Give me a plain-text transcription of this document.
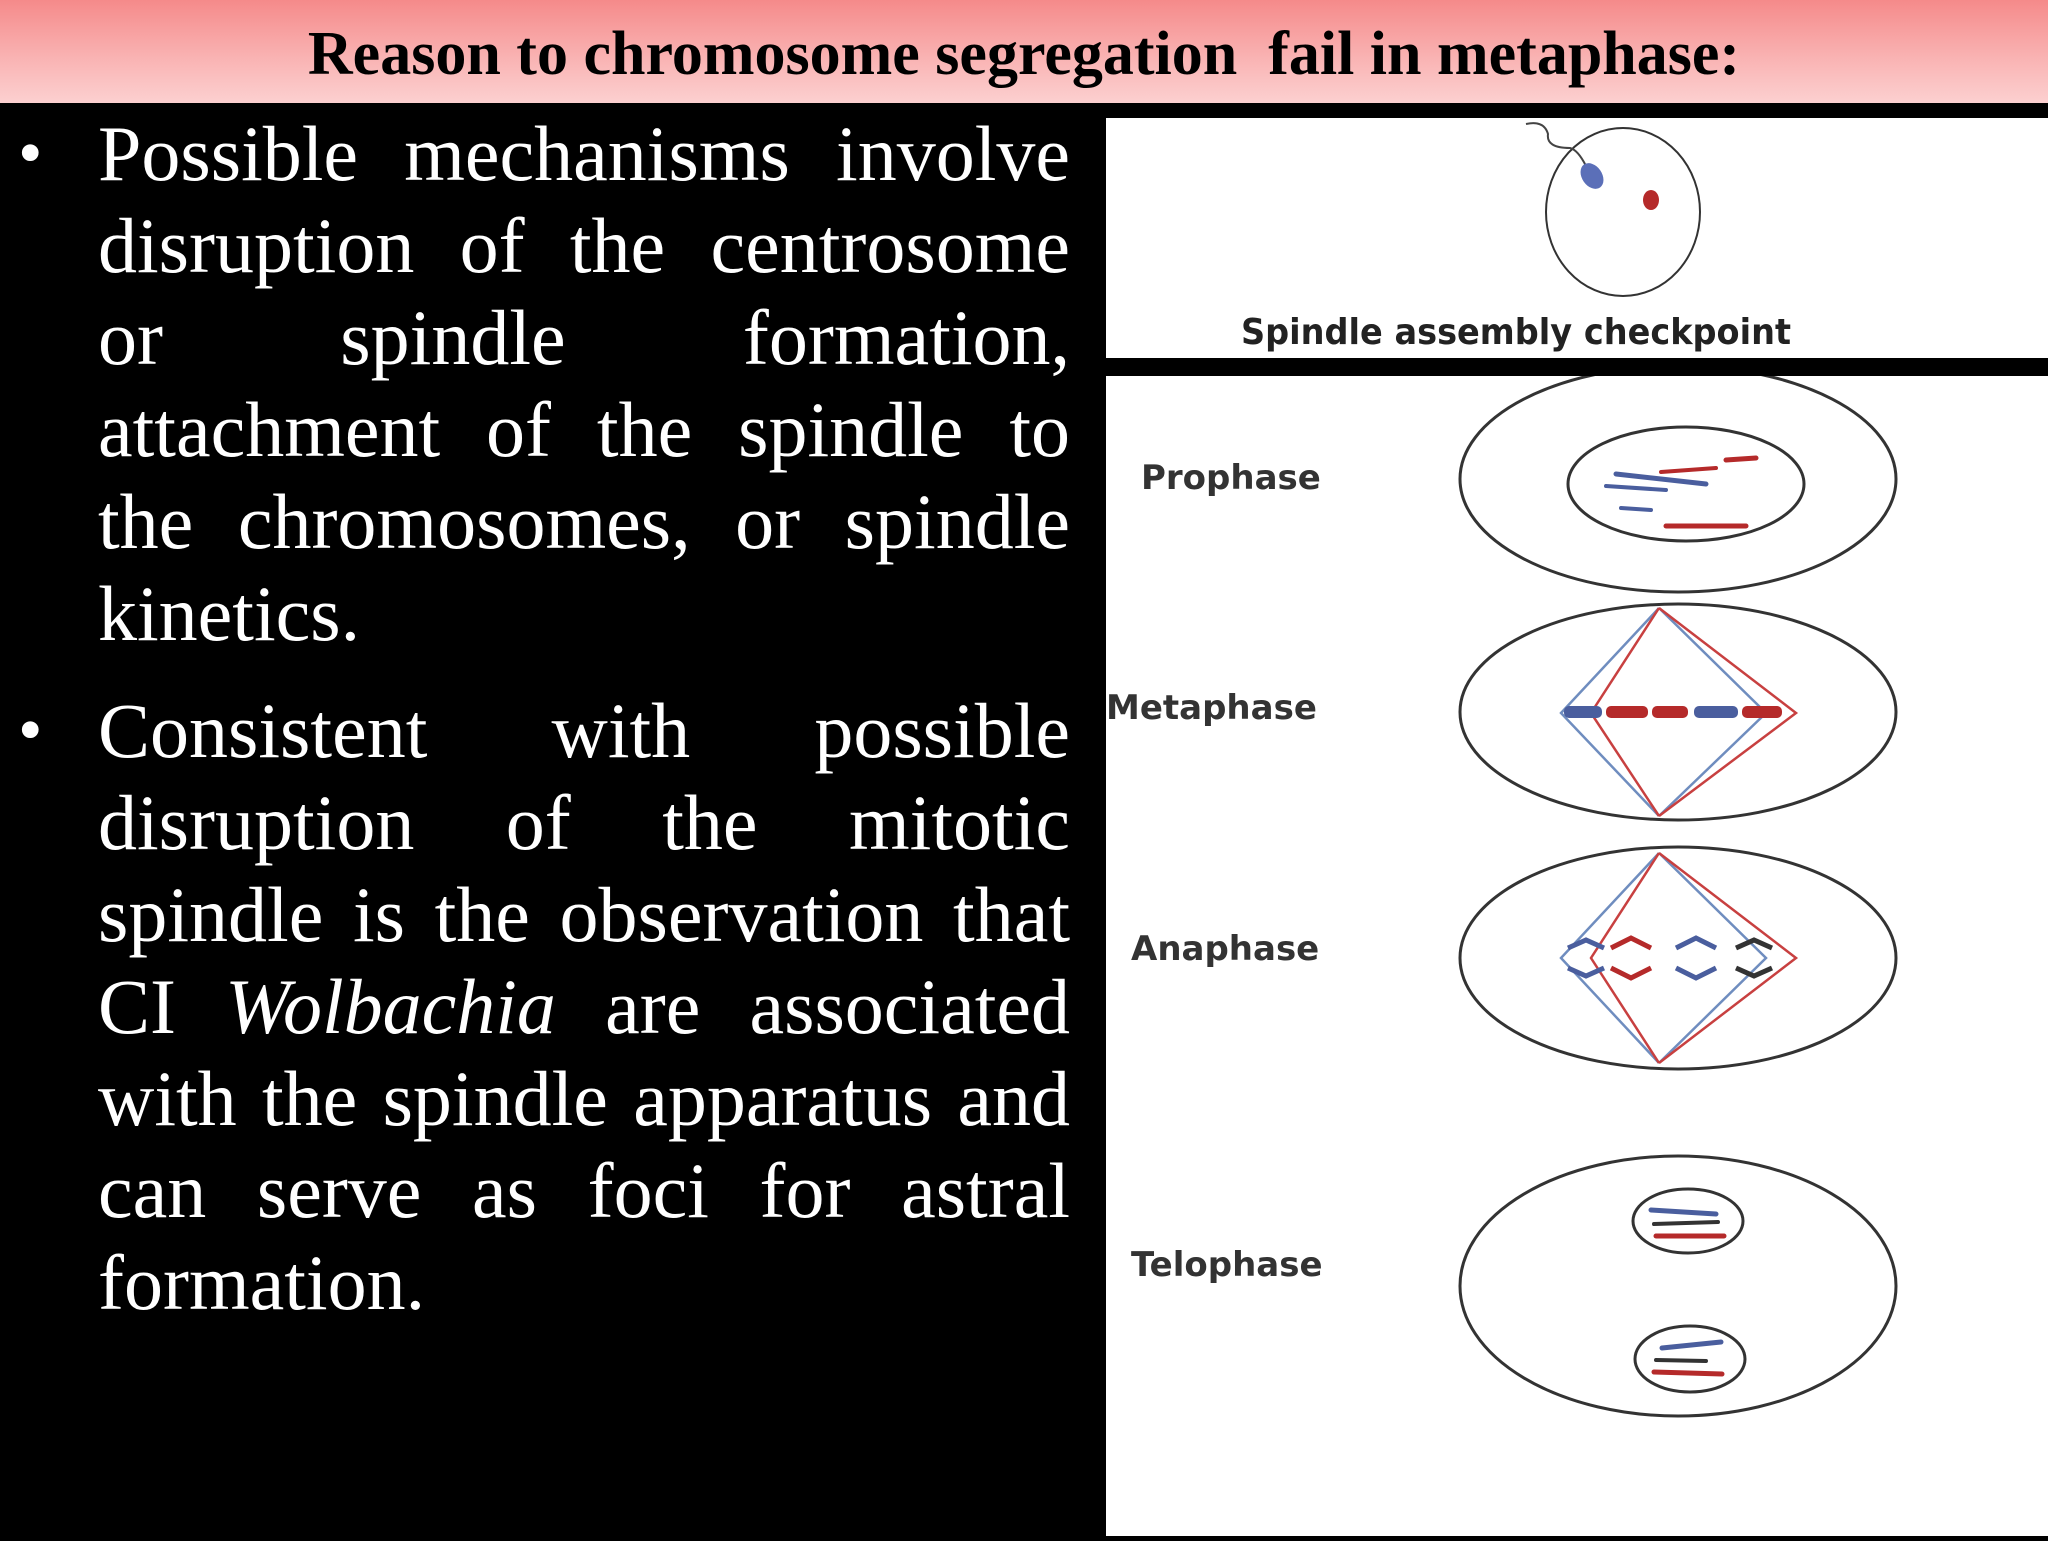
Reason to chromosome segregation  fail in metaphase:
• Possible mechanisms involve disruption of the centrosome or spindle formation, attachment of the spindle to the chromosomes, or spindle kinetics.
• Consistent with possible disruption of the mitotic spindle is the observation that CI Wolbachia are associated with the spindle apparatus and can serve as foci for astral formation.
Spindle assembly checkpoint
Prophase
Metaphase
Anaphase
Telophase
